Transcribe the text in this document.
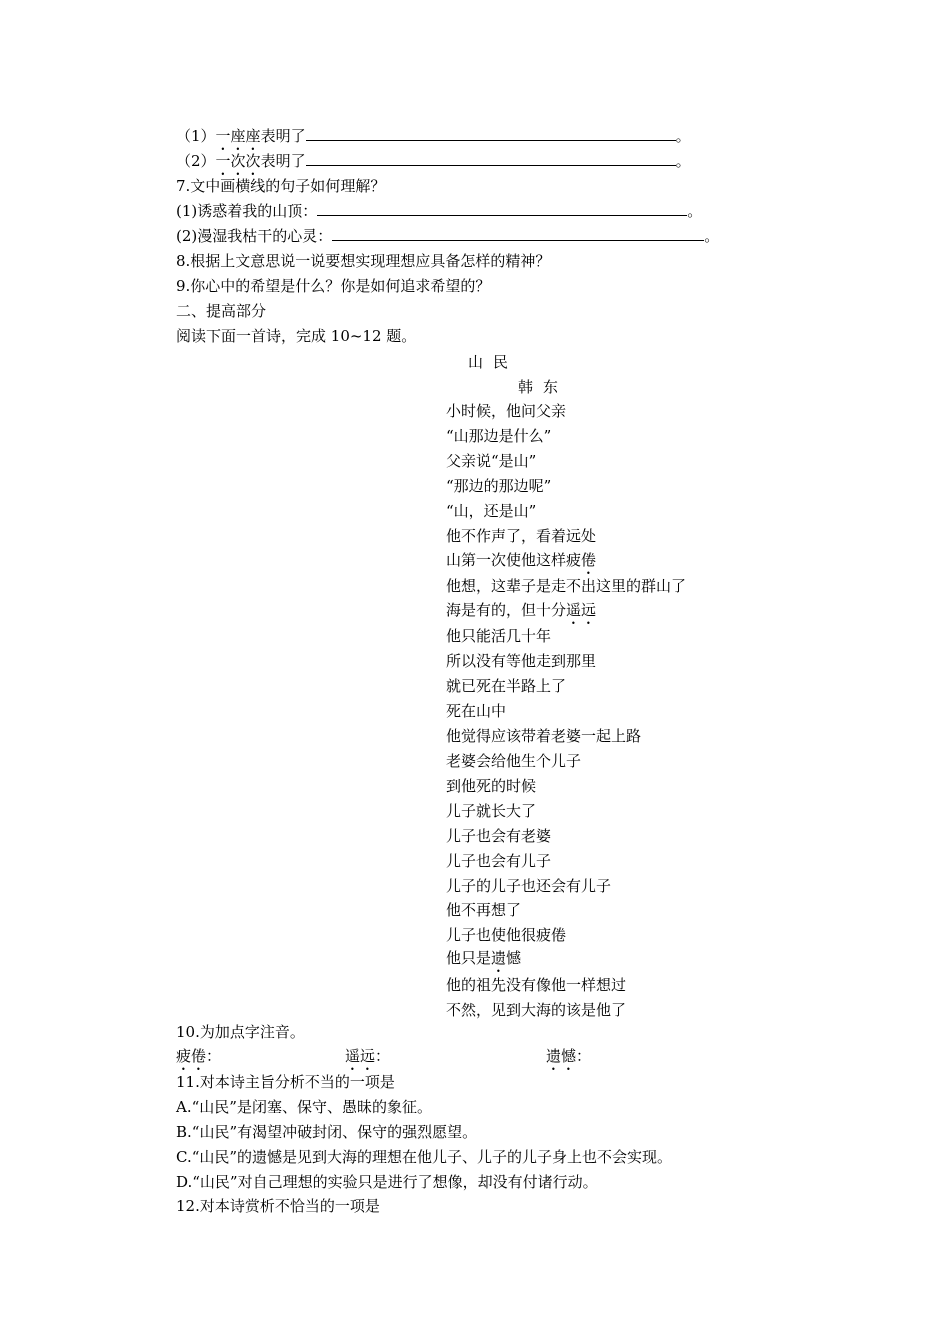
（1）一座座表明了	。
（2）一次次表明了	。
7.文中画横线的句子如何理解？
(1)诱惑着我的山顶：	。
(2)漫湿我枯干的心灵：	。
8.根据上文意思说一说要想实现理想应具备怎样的精神？
9.你心中的希望是什么？你是如何追求希望的？
二、提高部分
阅读下面一首诗，完成 10~12 题。
山民
韩东
小时候，他问父亲
“山那边是什么”
父亲说“是山”
“那边的那边呢”
“山，还是山”
他不作声了，看着远处
山第一次使他这样疲倦
他想，这辈子是走不出这里的群山了
海是有的，但十分遥远
他只能活几十年
所以没有等他走到那里
就已死在半路上了
死在山中
他觉得应该带着老婆一起上路
老婆会给他生个儿子
到他死的时候
儿子就长大了
儿子也会有老婆
儿子也会有儿子
儿子的儿子也还会有儿子
他不再想了
儿子也使他很疲倦
他只是遗憾
他的祖先没有像他一样想过
不然，见到大海的该是他了
10.为加点字注音。
疲倦：	遥远：	遗憾：
11.对本诗主旨分析不当的一项是
A.“山民”是闭塞、保守、愚昧的象征。
B.“山民”有渴望冲破封闭、保守的强烈愿望。
C.“山民”的遗憾是见到大海的理想在他儿子、儿子的儿子身上也不会实现。
D.“山民”对自己理想的实验只是进行了想像，却没有付诸行动。
12.对本诗赏析不恰当的一项是
